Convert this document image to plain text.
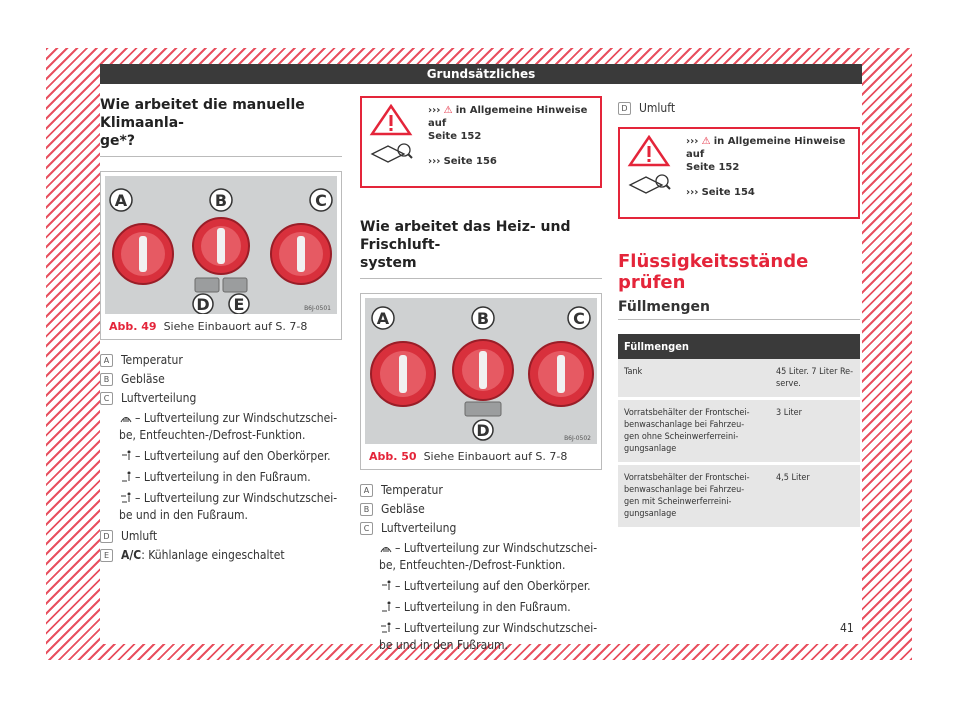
Grundsätzliches
Wie arbeitet die manuelle Klimaanla-
ge*?
A	B	C
D E	B6J-0501
Abb. 49 Siehe Einbauort auf S. 7-8
A Temperatur
B Gebläse
C Luftverteilung
– Luftverteilung zur Windschutzschei-
be, Entfeuchten-/Defrost-Funktion.
– Luftverteilung auf den Oberkörper.
– Luftverteilung in den Fußraum.
– Luftverteilung zur Windschutzschei-
be und in den Fußraum.
D Umluft
E A/C: Kühlanlage eingeschaltet
››› ⚠ in Allgemeine Hinweise auf
Seite 152
››› Seite 156
Wie arbeitet das Heiz- und Frischluft-
system
A	B	C
D	B6J-0502
Abb. 50 Siehe Einbauort auf S. 7-8
A Temperatur
B Gebläse
C Luftverteilung
– Luftverteilung zur Windschutzschei-
be, Entfeuchten-/Defrost-Funktion.
– Luftverteilung auf den Oberkörper.
– Luftverteilung in den Fußraum.
– Luftverteilung zur Windschutzschei-
be und in den Fußraum.
D Umluft
››› ⚠ in Allgemeine Hinweise auf
Seite 152
››› Seite 154
Flüssigkeitsstände prüfen
Füllmengen
Füllmengen	
Tank	45 Liter. 7 Liter Re-
serve.
Vorratsbehälter der Frontschei-
benwaschanlage bei Fahrzeu-
gen ohne Scheinwerferreini-
gungsanlage	3 Liter
Vorratsbehälter der Frontschei-
benwaschanlage bei Fahrzeu-
gen mit Scheinwerferreini-
gungsanlage	4,5 Liter
41
